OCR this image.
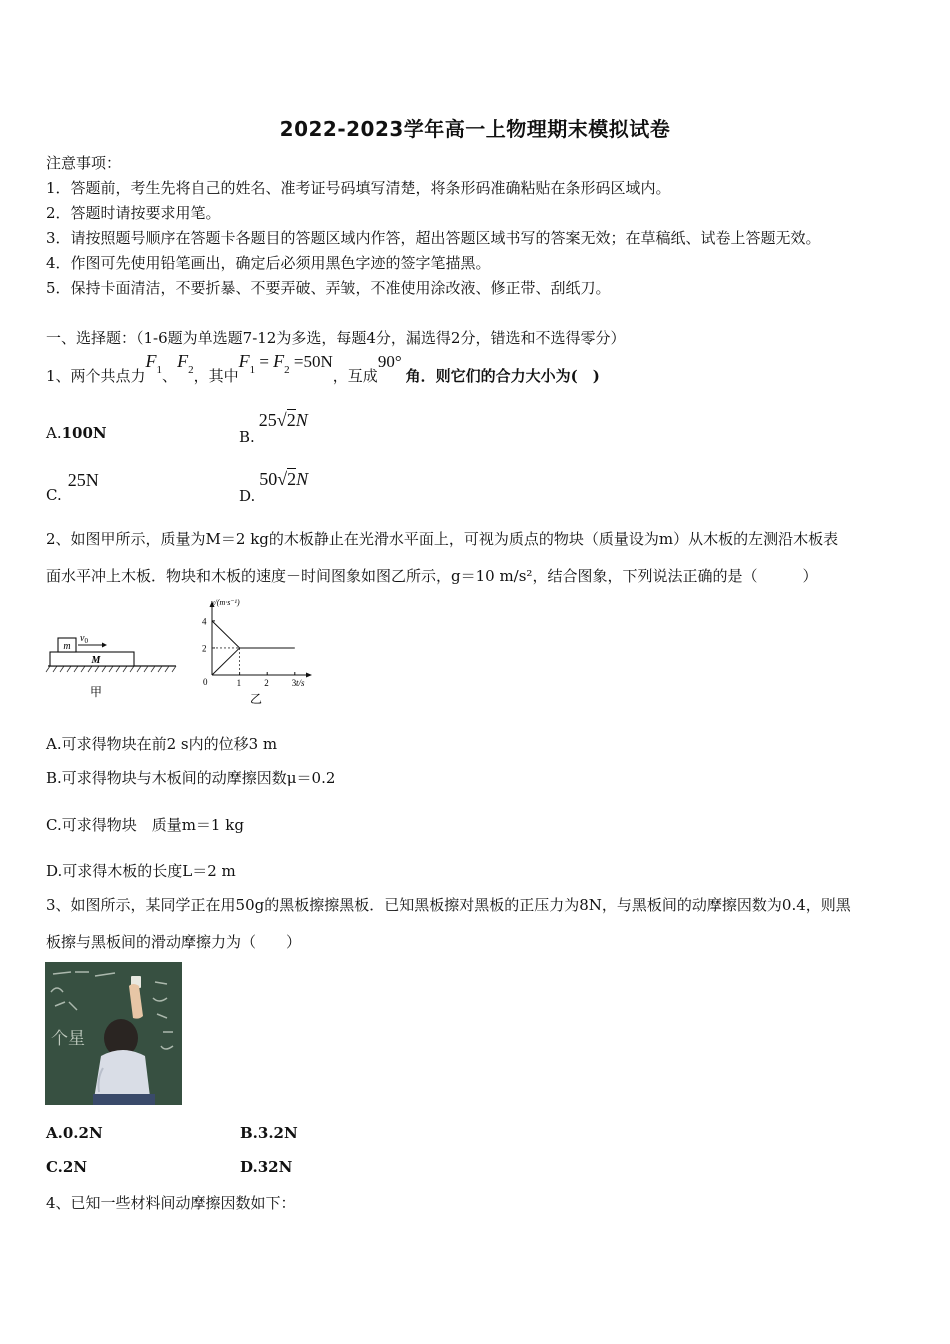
2022-2023学年高一上物理期末模拟试卷
注意事项：
1．答题前，考生先将自己的姓名、准考证号码填写清楚，将条形码准确粘贴在条形码区域内。
2．答题时请按要求用笔。
3．请按照题号顺序在答题卡各题目的答题区域内作答，超出答题区域书写的答案无效；在草稿纸、试卷上答题无效。
4．作图可先使用铅笔画出，确定后必须用黑色字迹的签字笔描黑。
5．保持卡面清洁，不要折暴、不要弄破、弄皱，不准使用涂改液、修正带、刮纸刀。
一、选择题：（1-6题为单选题7-12为多选，每题4分，漏选得2分，错选和不选得零分）
1、两个共点力$F_1$、$F_2$，其中$F_1 = F_2 =50N$，互成90°角．则它们的合力大小为(　)
A.100N	B.25√2N
C.25N
D.50√2N
2、如图甲所示，质量为M＝2 kg的木板静止在光滑水平面上，可视为质点的物块（质量设为m）从木板的左测沿木板表
面水平冲上木板．物块和木板的速度－时间图象如图乙所示，g＝10 m/s²，结合图象，下列说法正确的是（　　　）
m
$v_0$
M
甲
v/(m·s⁻¹)
t/s
0
4
2
1	2	3
乙
A.可求得物块在前2 s内的位移3 m
B.可求得物块与木板间的动摩擦因数μ＝0.2
C.可求得物块　质量m＝1 kg
D.可求得木板的长度L＝2 m
3、如图所示，某同学正在用50g的黑板擦擦黑板．已知黑板擦对黑板的正压力为8N，与黑板间的动摩擦因数为0.4，则黑
板擦与黑板间的滑动摩擦力为（　　）
个星
A.0.2N	B.3.2N
C.2N	D.32N
4、已知一些材料间动摩擦因数如下：
